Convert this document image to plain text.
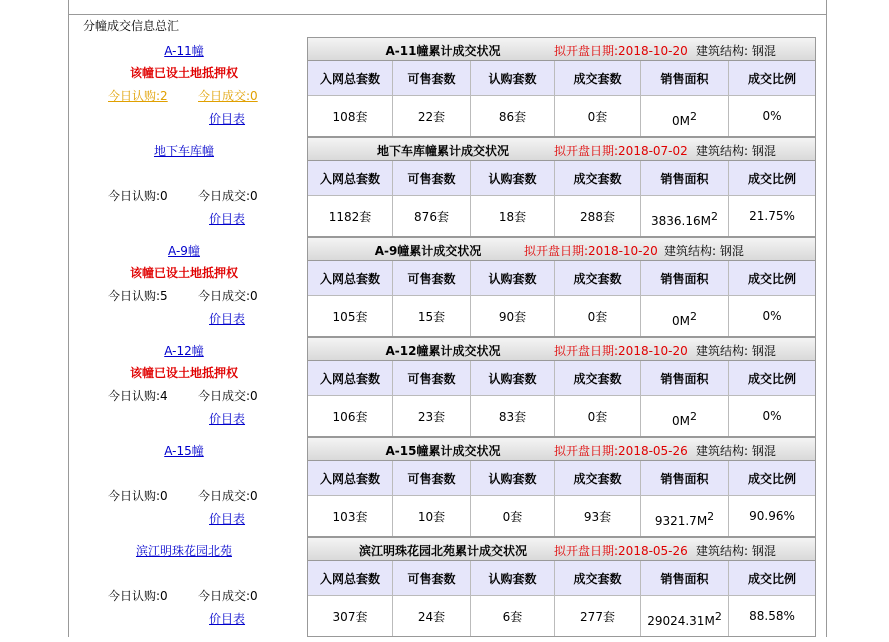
分幢成交信息总汇
A-11幢
该幢已设土地抵押权
今日认购:2	今日成交:0
价目表
地下车库幢
今日认购:0	今日成交:0
价目表
A-9幢
该幢已设土地抵押权
今日认购:5	今日成交:0
价目表
A-12幢
该幢已设土地抵押权
今日认购:4	今日成交:0
价目表
A-15幢
今日认购:0	今日成交:0
价目表
滨江明珠花园北苑
今日认购:0	今日成交:0
价目表
A-11幢累计成交状况	拟开盘日期:2018-10-20 建筑结构: 钢混
入网总套数	可售套数	认购套数	成交套数	销售面积	成交比例
108套	22套	86套	0套	$0M^2$	0%
地下车库幢累计成交状况	拟开盘日期:2018-07-02 建筑结构: 钢混
入网总套数	可售套数	认购套数	成交套数	销售面积	成交比例
1182套	876套	18套	288套	$3836.16M^2$	21.75%
A-9幢累计成交状况	拟开盘日期:2018-10-20 建筑结构: 钢混
入网总套数	可售套数	认购套数	成交套数	销售面积	成交比例
105套	15套	90套	0套	$0M^2$	0%
A-12幢累计成交状况	拟开盘日期:2018-10-20 建筑结构: 钢混
入网总套数	可售套数	认购套数	成交套数	销售面积	成交比例
106套	23套	83套	0套	$0M^2$	0%
A-15幢累计成交状况	拟开盘日期:2018-05-26 建筑结构: 钢混
入网总套数	可售套数	认购套数	成交套数	销售面积	成交比例
103套	10套	0套	93套	$9321.7M^2$	90.96%
滨江明珠花园北苑累计成交状况	拟开盘日期:2018-05-26 建筑结构: 钢混
入网总套数	可售套数	认购套数	成交套数	销售面积	成交比例
307套	24套	6套	277套	$29024.31M^2$	88.58%
